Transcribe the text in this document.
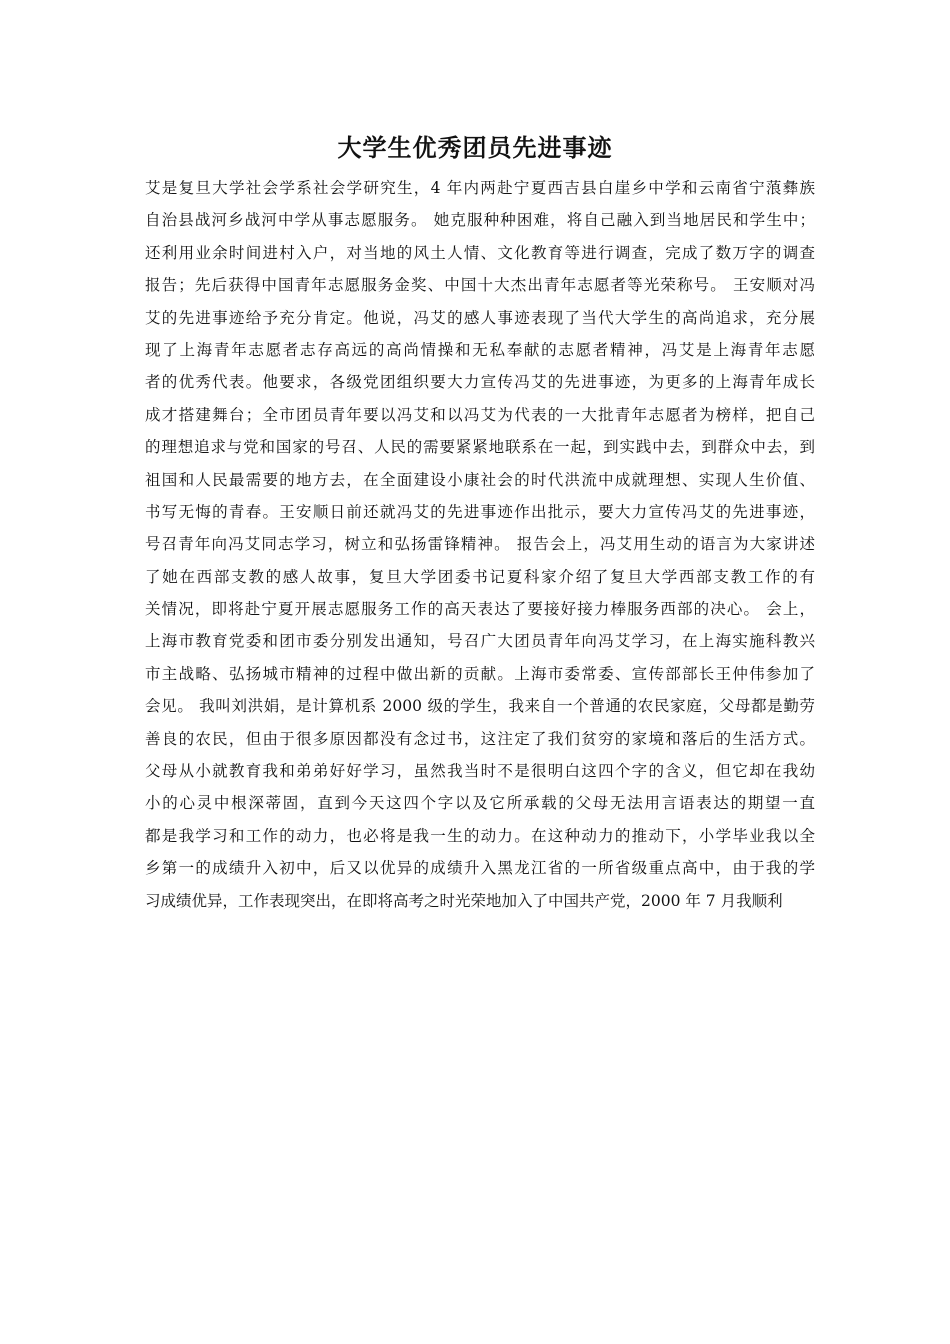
大学生优秀团员先进事迹
艾是复旦大学社会学系社会学研究生，4 年内两赴宁夏西吉县白崖乡中学和云南省宁蒗彝族
自治县战河乡战河中学从事志愿服务。 她克服种种困难，将自己融入到当地居民和学生中；
还利用业余时间进村入户，对当地的风土人情、文化教育等进行调查，完成了数万字的调查
报告；先后获得中国青年志愿服务金奖、中国十大杰出青年志愿者等光荣称号。 王安顺对冯
艾的先进事迹给予充分肯定。他说，冯艾的感人事迹表现了当代大学生的高尚追求，充分展
现了上海青年志愿者志存高远的高尚情操和无私奉献的志愿者精神，冯艾是上海青年志愿
者的优秀代表。他要求，各级党团组织要大力宣传冯艾的先进事迹，为更多的上海青年成长
成才搭建舞台；全市团员青年要以冯艾和以冯艾为代表的一大批青年志愿者为榜样，把自己
的理想追求与党和国家的号召、人民的需要紧紧地联系在一起，到实践中去，到群众中去，到
祖国和人民最需要的地方去，在全面建设小康社会的时代洪流中成就理想、实现人生价值、
书写无悔的青春。王安顺日前还就冯艾的先进事迹作出批示，要大力宣传冯艾的先进事迹，
号召青年向冯艾同志学习，树立和弘扬雷锋精神。 报告会上，冯艾用生动的语言为大家讲述
了她在西部支教的感人故事，复旦大学团委书记夏科家介绍了复旦大学西部支教工作的有
关情况，即将赴宁夏开展志愿服务工作的高天表达了要接好接力棒服务西部的决心。 会上，
上海市教育党委和团市委分别发出通知，号召广大团员青年向冯艾学习，在上海实施科教兴
市主战略、弘扬城市精神的过程中做出新的贡献。上海市委常委、宣传部部长王仲伟参加了
会见。 我叫刘洪娟，是计算机系 2000 级的学生，我来自一个普通的农民家庭，父母都是勤劳
善良的农民，但由于很多原因都没有念过书，这注定了我们贫穷的家境和落后的生活方式。
父母从小就教育我和弟弟好好学习，虽然我当时不是很明白这四个字的含义，但它却在我幼
小的心灵中根深蒂固，直到今天这四个字以及它所承载的父母无法用言语表达的期望一直
都是我学习和工作的动力，也必将是我一生的动力。在这种动力的推动下，小学毕业我以全
乡第一的成绩升入初中，后又以优异的成绩升入黑龙江省的一所省级重点高中，由于我的学
习成绩优异，工作表现突出，在即将高考之时光荣地加入了中国共产党，2000 年 7 月我顺利
